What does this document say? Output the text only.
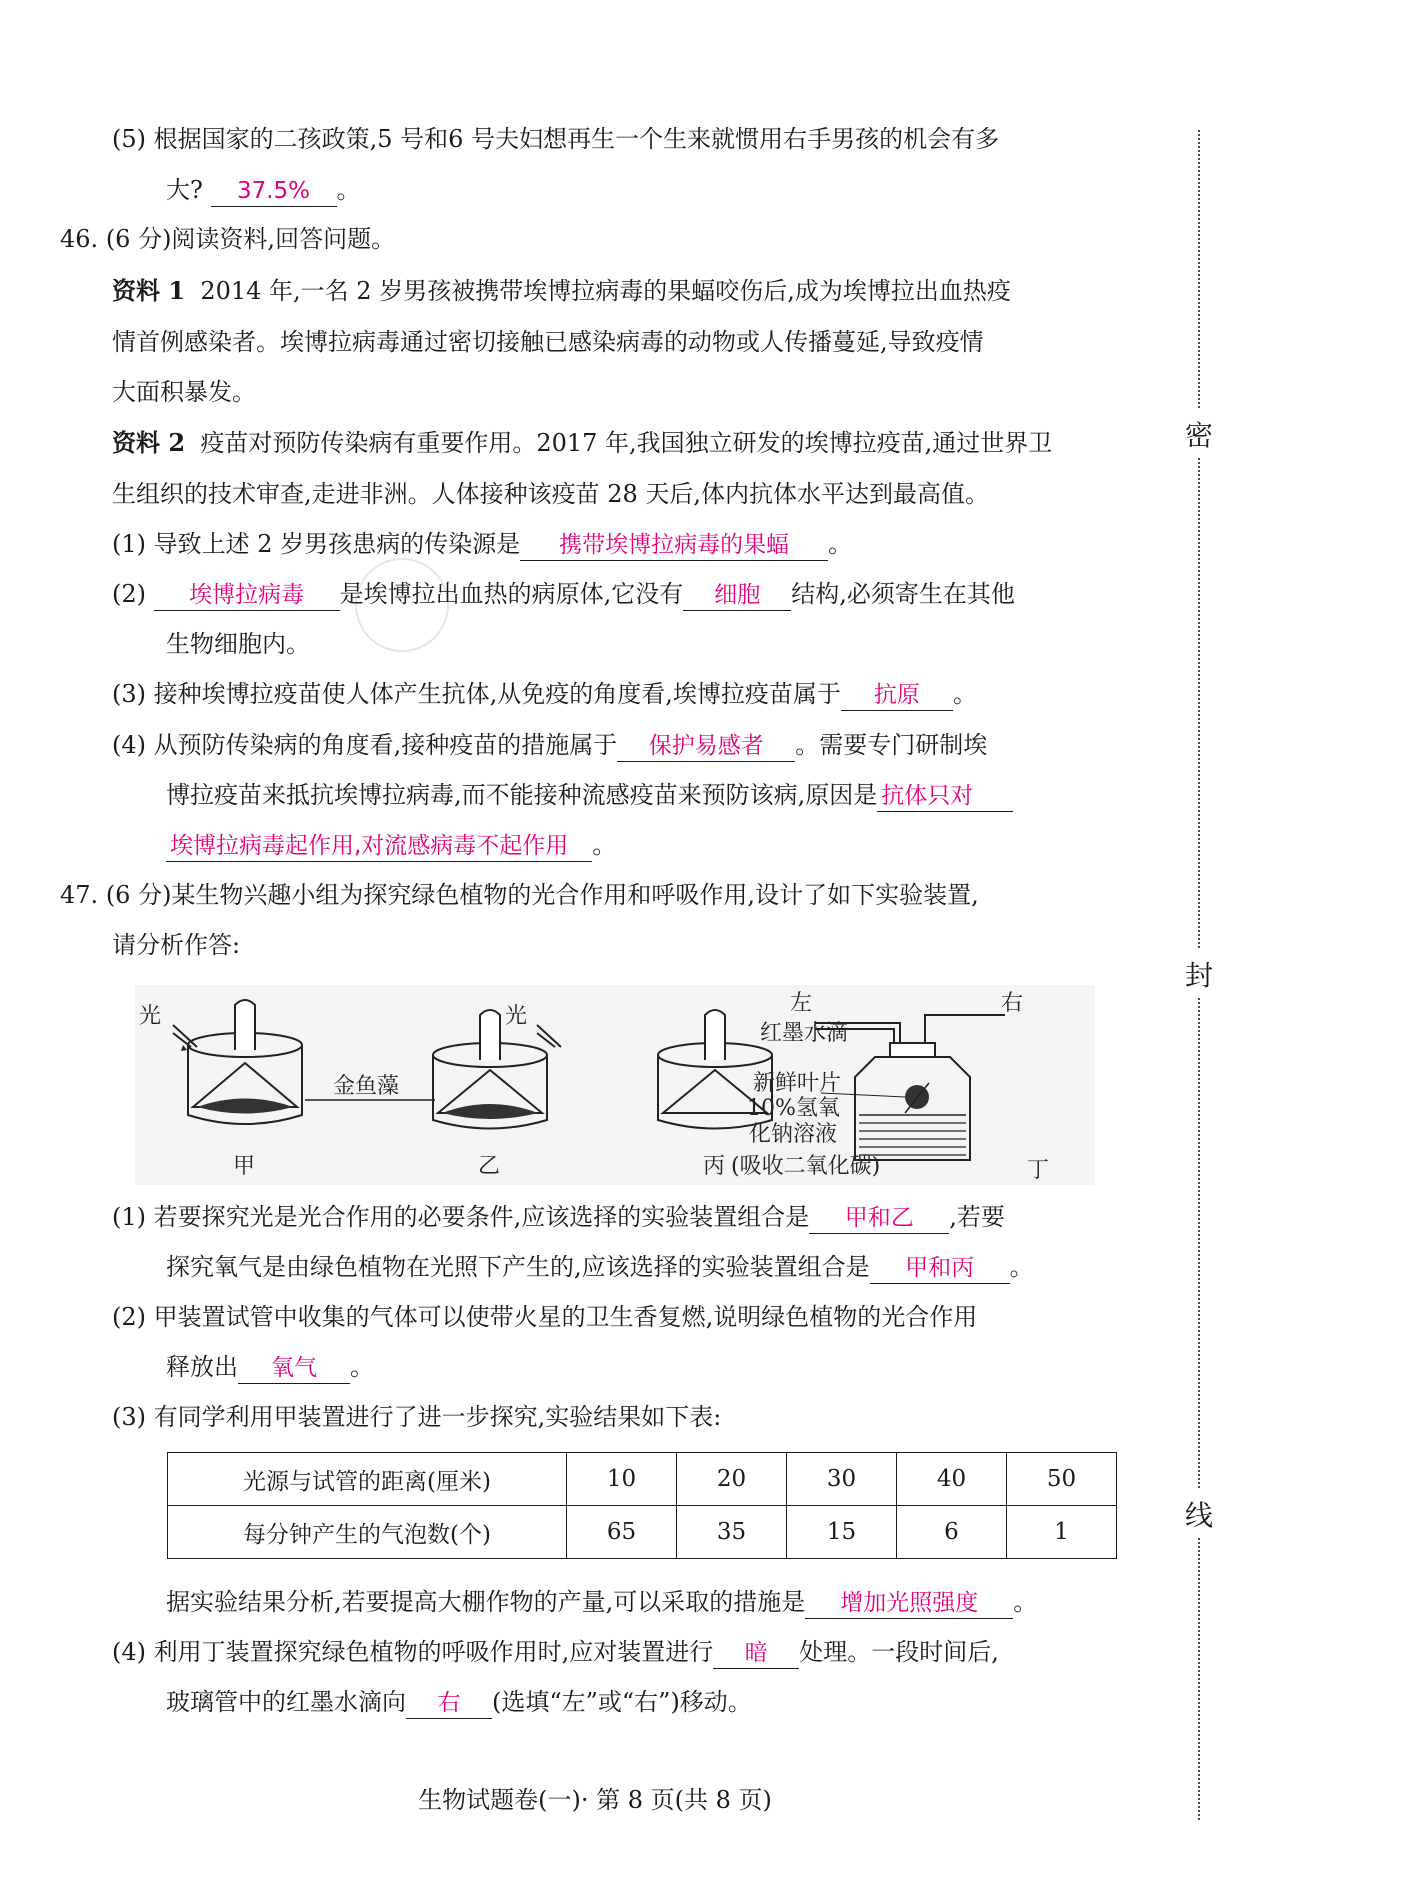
密
封
线
(5) 根据国家的二孩政策,5 号和6 号夫妇想再生一个生来就惯用右手男孩的机会有多
大? 37.5% 。
46. (6 分)阅读资料,回答问题。
资料 1 2014 年,一名 2 岁男孩被携带埃博拉病毒的果蝠咬伤后,成为埃博拉出血热疫
情首例感染者。埃博拉病毒通过密切接触已感染病毒的动物或人传播蔓延,导致疫情
大面积暴发。
资料 2 疫苗对预防传染病有重要作用。2017 年,我国独立研发的埃博拉疫苗,通过世界卫
生组织的技术审查,走进非洲。人体接种该疫苗 28 天后,体内抗体水平达到最高值。
(1) 导致上述 2 岁男孩患病的传染源是 携带埃博拉病毒的果蝠 。
(2) 埃博拉病毒 是埃博拉出血热的病原体,它没有 细胞 结构,必须寄生在其他
生物细胞内。
(3) 接种埃博拉疫苗使人体产生抗体,从免疫的角度看,埃博拉疫苗属于 抗原 。
(4) 从预防传染病的角度看,接种疫苗的措施属于 保护易感者 。需要专门研制埃
博拉疫苗来抵抗埃博拉病毒,而不能接种流感疫苗来预防该病,原因是 抗体只对
埃博拉病毒起作用,对流感病毒不起作用 。
47. (6 分)某生物兴趣小组为探究绿色植物的光合作用和呼吸作用,设计了如下实验装置,
请分析作答:
光	光
金鱼藻
甲	乙	丙
左	右
红墨水滴
新鲜叶片
10%氢氧
化钠溶液
(吸收二氧化碳)	丁
(1) 若要探究光是光合作用的必要条件,应该选择的实验装置组合是 甲和乙 ,若要
探究氧气是由绿色植物在光照下产生的,应该选择的实验装置组合是 甲和丙 。
(2) 甲装置试管中收集的气体可以使带火星的卫生香复燃,说明绿色植物的光合作用
释放出 氧气 。
(3) 有同学利用甲装置进行了进一步探究,实验结果如下表:
光源与试管的距离(厘米)	10	20	30	40	50
每分钟产生的气泡数(个)	65	35	15	6	1
据实验结果分析,若要提高大棚作物的产量,可以采取的措施是 增加光照强度 。
(4) 利用丁装置探究绿色植物的呼吸作用时,应对装置进行 暗 处理。一段时间后,
玻璃管中的红墨水滴向 右 (选填“左”或“右”)移动。
生物试题卷(一)· 第 8 页(共 8 页)
